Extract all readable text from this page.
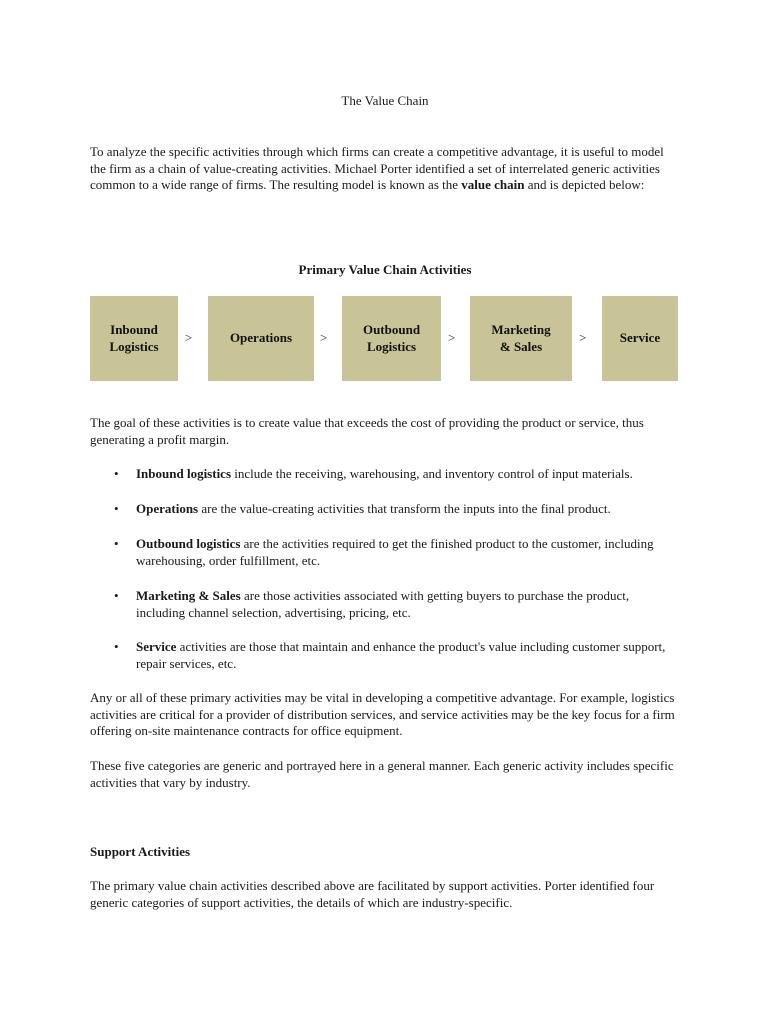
The Value Chain

To analyze the specific activities through which firms can create a competitive advantage, it is useful to model the firm as a chain of value-creating activities. Michael Porter identified a set of interrelated generic activities common to a wide range of firms. The resulting model is known as the value chain and is depicted below:

Primary Value Chain Activities
Inbound Logistics
>	Operations >
Outbound Logistics
>
Marketing & Sales
>	Service

The goal of these activities is to create value that exceeds the cost of providing the product or service, thus generating a profit margin.

• Inbound logistics include the receiving, warehousing, and inventory control of input materials.
• Operations are the value-creating activities that transform the inputs into the final product.
• Outbound logistics are the activities required to get the finished product to the customer, including warehousing, order fulfillment, etc.
• Marketing & Sales are those activities associated with getting buyers to purchase the product, including channel selection, advertising, pricing, etc.
• Service activities are those that maintain and enhance the product's value including customer support, repair services, etc.

Any or all of these primary activities may be vital in developing a competitive advantage. For example, logistics activities are critical for a provider of distribution services, and service activities may be the key focus for a firm offering on-site maintenance contracts for office equipment.

These five categories are generic and portrayed here in a general manner. Each generic activity includes specific activities that vary by industry.

Support Activities

The primary value chain activities described above are facilitated by support activities. Porter identified four generic categories of support activities, the details of which are industry-specific.
